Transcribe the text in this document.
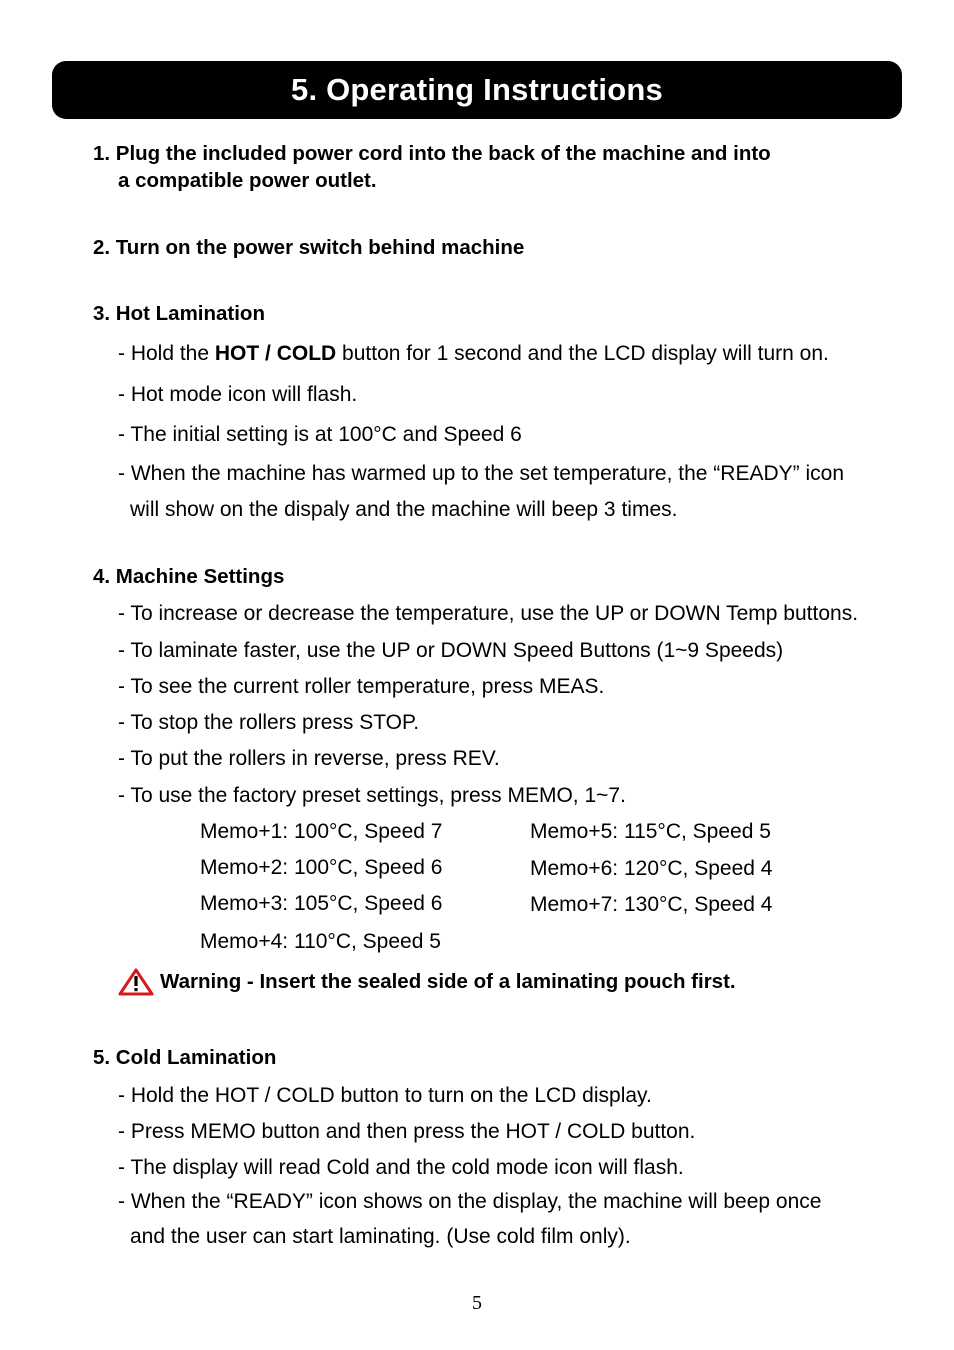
5. Operating Instructions
1. Plug the included power cord into the back of the machine and into
a compatible power outlet.
2. Turn on the power switch behind machine
3. Hot Lamination
- Hold the HOT / COLD button for 1 second and the LCD display will turn on.
- Hot mode icon will flash.
- The initial setting is at 100°C and Speed 6
- When the machine has warmed up to the set temperature, the “READY” icon
will show on the dispaly and the machine will beep 3 times.
4. Machine Settings
- To increase or decrease the temperature, use the UP or DOWN Temp buttons.
- To laminate faster, use the UP or DOWN Speed Buttons (1~9 Speeds)
- To see the current roller temperature, press MEAS.
- To stop the rollers press STOP.
- To put the rollers in reverse, press REV.
- To use the factory preset settings, press MEMO, 1~7.
Memo+1: 100°C, Speed 7
Memo+2: 100°C, Speed 6
Memo+3: 105°C, Speed 6
Memo+4: 110°C, Speed 5
Memo+5: 115°C, Speed 5
Memo+6: 120°C, Speed 4
Memo+7: 130°C, Speed 4
Warning - Insert the sealed side of a laminating pouch first.
5. Cold Lamination
- Hold the HOT / COLD button to turn on the LCD display.
- Press MEMO button and then press the HOT / COLD button.
- The display will read Cold and the cold mode icon will flash.
- When the “READY” icon shows on the display, the machine will beep once
and the user can start laminating. (Use cold film only).
5
